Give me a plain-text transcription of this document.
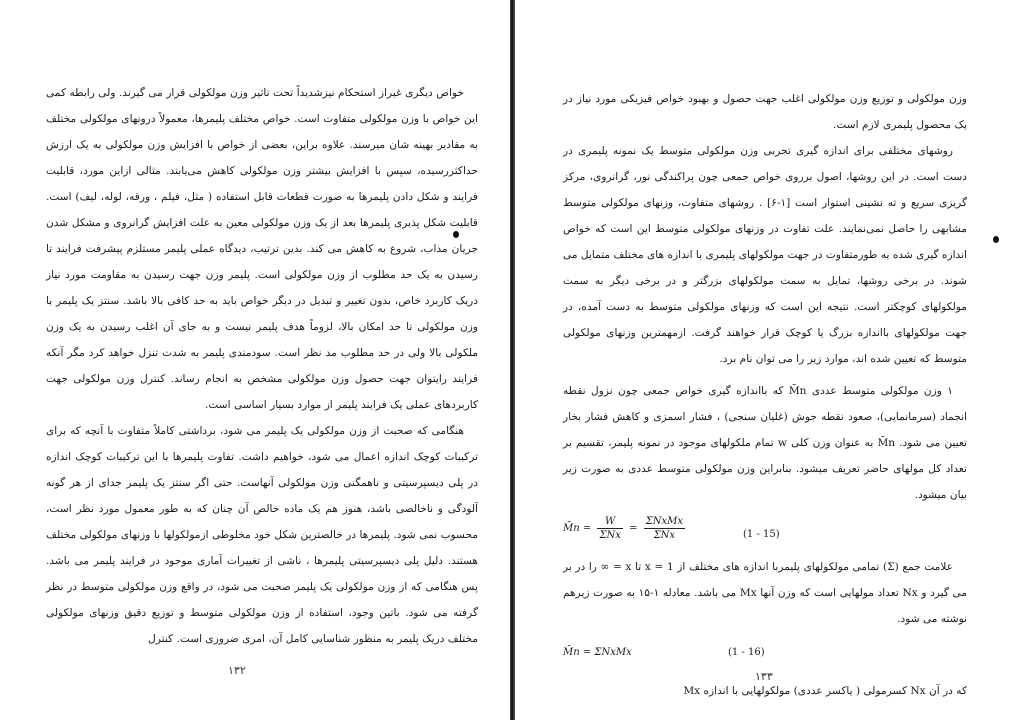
خواص دیگری غیراز استحکام نیزشدیداً تحت تاثیر وزن مولکولی قرار می گیرند. ولی رابطه کمی این خواص با وزن مولکولی متفاوت است. خواص مختلف پلیمرها، معمولاً درونهای مولکولی مختلف به مقادیر بهینه شان میرسند. علاوه براین، بعضی از خواص با افزایش وزن مولکولی به یک ارزش حداکثررسیده، سپس با افزایش بیشتر وزن مولکولی کاهش می‌یابند. مثالی ازاین مورد، قابلیت فرایند و شکل دادن پلیمرها به صورت قطعات قابل استفاده ( مثل، فیلم ، ورقه، لوله، لیف) است. قابلیت شکل پذیری پلیمرها بعد از یک وزن مولکولی معین به علت افزایش گرانروی و مشکل شدن جریان مذاب، شروع به کاهش می کند. بدین ترتیب، دیدگاه عملی پلیمر مستلزم پیشرفت فرایند تا رسیدن به یک حد مطلوب از وزن مولکولی است. پلیمر وزن جهت رسیدن به مقاومت مورد نیاز دریک کاربرد خاص، بدون تغییر و تبدیل در دیگر خواص باید به حد کافی بالا باشد. سنتز یک پلیمر با وزن مولکولی تا حد امکان بالا، لزوماً هدف پلیمر نیست و به جای آن اغلب رسیدن به یک وزن ملکولی بالا ولی در حد مطلوب مد نظر است. سودمندی پلیمر به شدت تنزل خواهد کرد مگر آنکه فرایند رایتوان جهت حصول وزن مولکولی مشخص به انجام رساند. کنترل وزن مولکولی جهت کاربردهای عملی یک فرایند پلیمر از موارد بسیار اساسی است.

هنگامی که صحبت از وزن مولکولی یک پلیمر می شود، برداشتی کاملاً متفاوت با آنچه که برای ترکیبات کوچک اندازه اعمال می شود، خواهیم داشت. تفاوت پلیمرها با این ترکیبات کوچک اندازه در پلی دیسپرسیتی و ناهمگنی وزن مولکولی آنهاست. حتی اگر سنتز یک پلیمر جدای از هر گونه آلودگی و ناخالصی باشد، هنوز هم یک ماده خالص آن چنان که به طور معمول مورد نظر است، محسوب نمی شود. پلیمرها در خالصترین شکل خود مخلوطی ازمولکولها با وزنهای مولکولی مختلف هستند. دلیل پلی دیسپرسیتی پلیمرها ، ناشی از تغییرات آماری موجود در فرایند پلیمر می باشد. پس هنگامی که از وزن مولکولی یک پلیمر صحبت می شود، در واقع وزن مولکولی متوسط در نظر گرفته می شود. باتین وجود، استفاده از وزن مولکولی متوسط و توزیع دقیق وزنهای مولکولی مختلف دریک پلیمر به منظور شناسایی کامل آن، امری ضروری است. کنترل

۱۳۲

وزن مولکولی و توزیع وزن مولکولی اغلب جهت حصول و بهبود خواص فیزیکی مورد نیاز در یک محصول پلیمری لازم است.

روشهای مختلفی برای اندازه گیری تجربی وزن مولکولی متوسط یک نمونه پلیمری در دست است. در این روشها، اصول برروی خواص جمعی چون پراکندگی نور، گرانروی، مرکز گریزی سریع و ته نشینی استوار است [۱-۶] . روشهای متفاوت، وزنهای مولکولی متوسط مشابهی را حاصل نمی‌نمایند. علت تفاوت در وزنهای مولکولی متوسط این است که خواص اندازه گیری شده به طورمتفاوت در جهت مولکولهای پلیمری با اندازه های مختلف متمایل می شوند. در برخی روشها، تمایل به سمت مولکولهای بزرگتر و در برخی دیگر به سمت مولکولهای کوچکتر است. نتیجه این است که وزنهای مولکولی متوسط به دست آمده، در جهت مولکولهای بااندازه بزرگ یا کوچک قرار خواهند گرفت. ازمهمترین وزنهای مولکولی متوسط که تعیین شده اند، موارد زیر را می توان نام برد.

۱ وزن مولکولی متوسط عددی M̄n که بااندازه گیری خواص جمعی چون نزول نقطه انجماد (سرمانمایی)، صعود نقطه جوش (غلیان سنجی) ، فشار اسمزی و کاهش فشار بخار تعیین می شود. M̄n به عنوان وزن کلی w تمام ملکولهای موجود در نمونه پلیمر، تقسیم بر تعداد کل مولهای حاضر تعریف میشود. بنابراین وزن مولکولی متوسط عددی به صورت زیر بیان میشود.

M̄n = $\frac{W}{\text{ΣNx}} = \frac{\text{ΣNxMx}}{\text{ΣNx}}$	(1 - 15)

علامت جمع (Σ) تمامی مولکولهای پلیمربا اندازه های مختلف از x = 1 تا x = ∞ را در بر می گیرد و Nx تعداد مولهایی است که وزن آنها Mx می باشد. معادله ۱-۱۵ به صورت زیرهم نوشته می شود.

M̄n = ΣNxMx	(1 - 16)

که در آن Nx کسرمولی ( یاکسر عددی) مولکولهایی با اندازه Mx

۱۳۳
